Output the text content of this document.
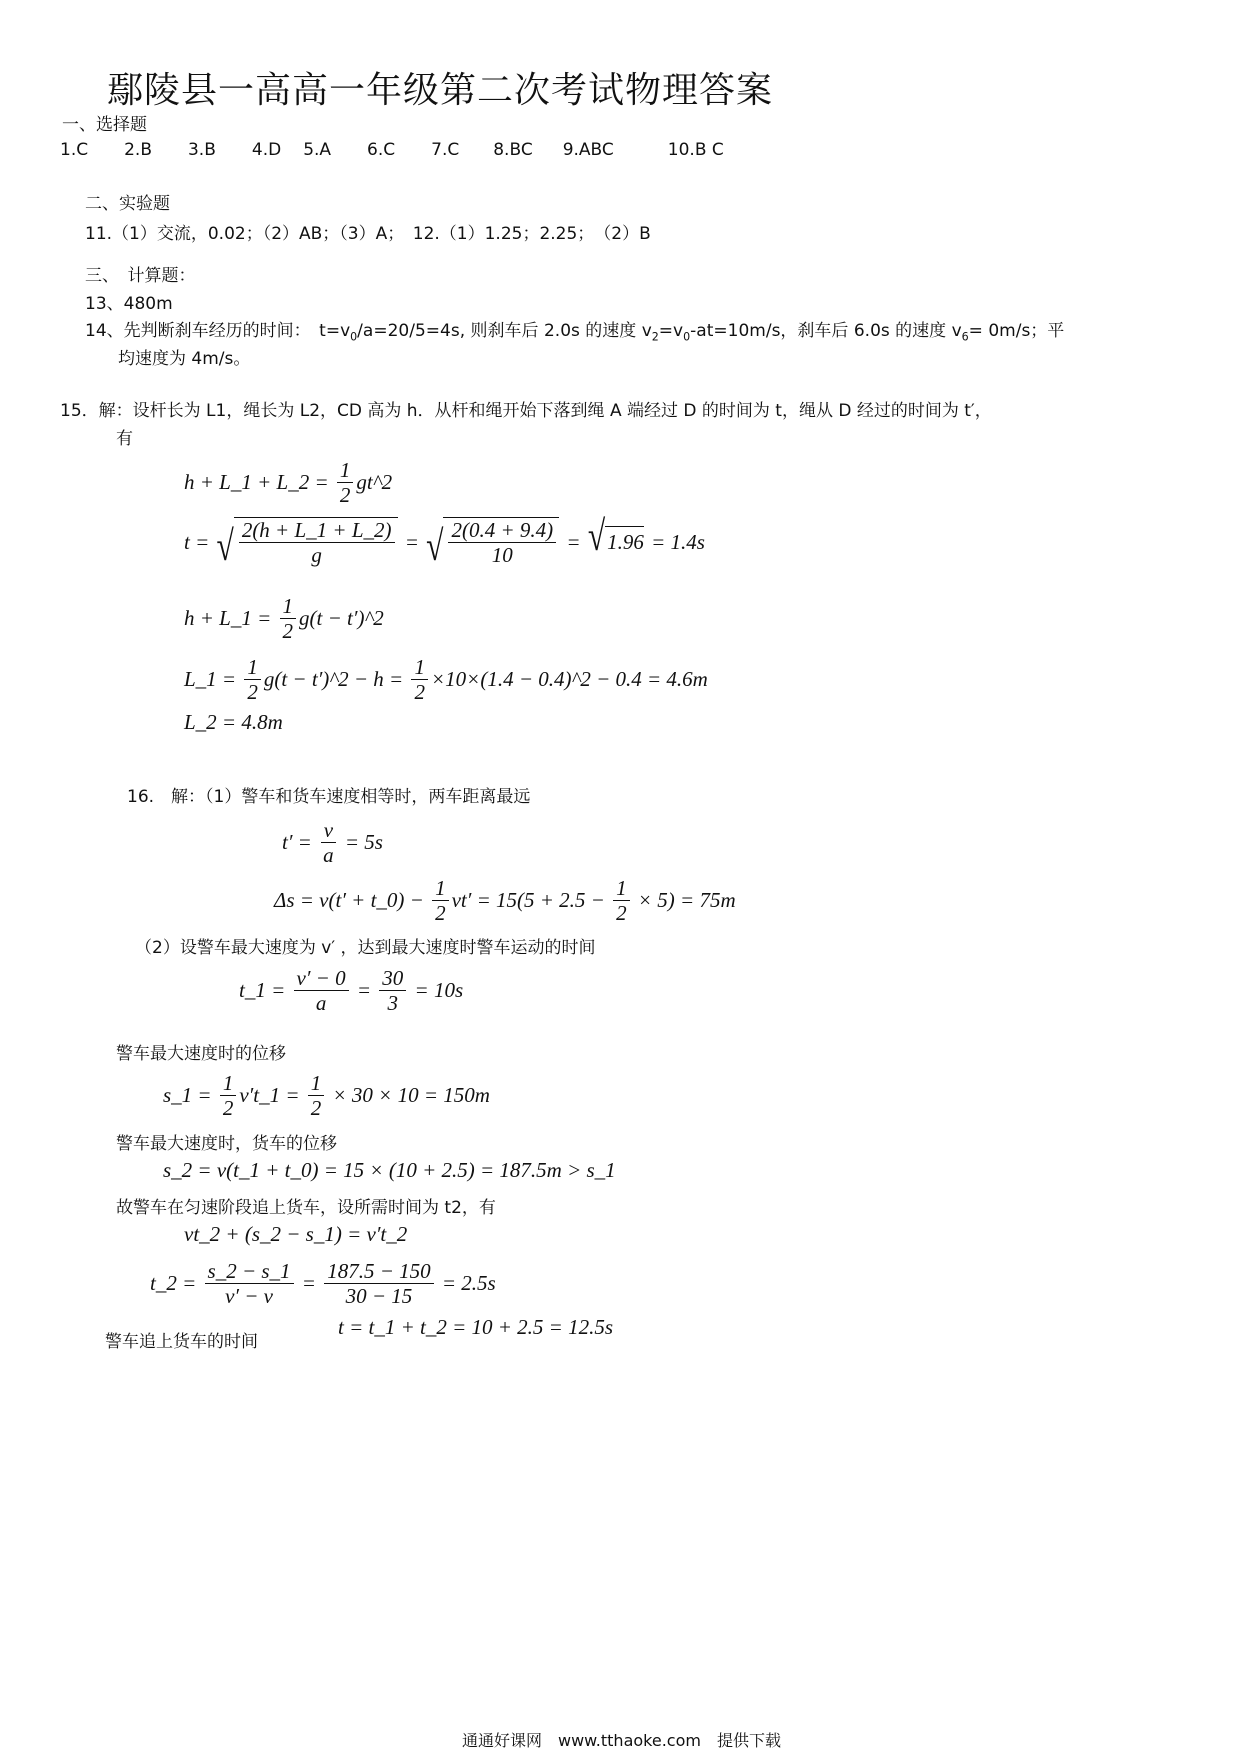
鄢陵县一高高一年级第二次考试物理答案
一、选择题
1.C 2.B 3.B 4.D 5.A 6.C 7.C 8.BC 9.ABC	10.B C
二、实验题
11.（1）交流，0.02；（2）AB；（3）A；　12.（1）1.25；2.25；　（2）B
三、　计算题：
13、480m
14、先判断刹车经历的时间：　 $t=v_0/a=20/5=4s$, 则刹车后 2.0s 的速度 $v_2=v_0-at=10m/s$，刹车后 6.0s 的速度 $v_6= 0m/s$；平
均速度为 4m/s。
15．解：设杆长为 L1，绳长为 L2，CD 高为 h．从杆和绳开始下落到绳 A 端经过 D 的时间为 t，绳从 D 经过的时间为 t′，
有
h + L_1 + L_2 = $\frac{1}{2}$ gt^2
t = √ $\frac{2(h + L\_1 + L\_2)}{g}$ = √ $\frac{2(0.4 + 9.4)}{10}$ = √ 1.96 = 1.4s
h + L_1 = $\frac{1}{2} g(t$ − t′)^2
L_1 = $\frac{1}{2} g(t$ − t′)^2 − $h = \frac{1}{2} \times 10\times(1.4$ − 0.4)^2 − 0.4 = 4.6m
L_2 = 4.8m
16.　解：（1）警车和货车速度相等时，两车距离最远
$t' = \frac{v}{a} = 5s$
Δs = v(t′ + t_0) − $\frac{1}{2} vt' = 15(5 + 2.5 - \frac{1}{2} \times 5) = 75m$
（2）设警车最大速度为 v′ ，达到最大速度时警车运动的时间
t_1 = $\frac{v' - 0}{a} = \frac{30}{3} = 10s$
警车最大速度时的位移
s_1 = $\frac{1}{2}$ v′t_1 = $\frac{1}{2} \times 30 \times 10 = 150m$
警车最大速度时，货车的位移
s_2 = v(t_1 + t_0) = 15 × (10 + 2.5) = 187.5m > s_1
故警车在匀速阶段追上货车，设所需时间为 t2，有
vt_2 + (s_2 − s_1) = v′t_2
t_2 = $\frac{s\_2 - s\_1}{v' - v} = \frac{187.5 - 150}{30 - 15} = 2.5s$
警车追上货车的时间
t = t_1 + t_2 = 10 + 2.5 = 12.5s
通通好课网　www.tthaoke.com　提供下载
